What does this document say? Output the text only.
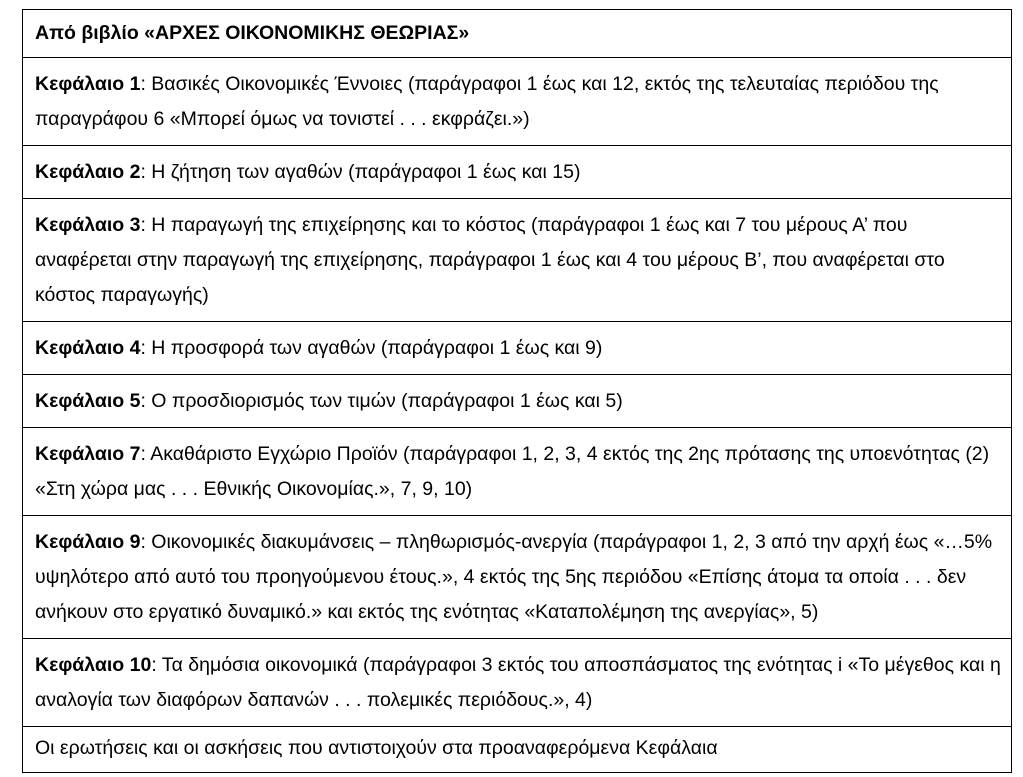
Από βιβλίο «ΑΡΧΕΣ ΟΙΚΟΝΟΜΙΚΗΣ ΘΕΩΡΙΑΣ»
Κεφάλαιο 1: Βασικές Οικονομικές Έννοιες (παράγραφοι 1 έως και 12, εκτός της τελευταίας περιόδου της παραγράφου 6 «Μπορεί όμως να τονιστεί . . . εκφράζει.»)
Κεφάλαιο 2: Η ζήτηση των αγαθών (παράγραφοι 1 έως και 15)
Κεφάλαιο 3: Η παραγωγή της επιχείρησης και το κόστος (παράγραφοι 1 έως και 7 του μέρους Α’ που αναφέρεται στην παραγωγή της επιχείρησης, παράγραφοι 1 έως και 4 του μέρους Β’, που αναφέρεται στο κόστος παραγωγής)
Κεφάλαιο 4: Η προσφορά των αγαθών (παράγραφοι 1 έως και 9)
Κεφάλαιο 5: Ο προσδιορισμός των τιμών (παράγραφοι 1 έως και 5)
Κεφάλαιο 7: Ακαθάριστο Εγχώριο Προϊόν (παράγραφοι 1, 2, 3, 4 εκτός της 2ης πρότασης της υποενότητας (2) «Στη χώρα μας . . . Εθνικής Οικονομίας.», 7, 9, 10)
Κεφάλαιο 9: Οικονομικές διακυμάνσεις – πληθωρισμός-ανεργία (παράγραφοι 1, 2, 3 από την αρχή έως «…5% υψηλότερο από αυτό του προηγούμενου έτους.», 4 εκτός της 5ης περιόδου «Επίσης άτομα τα οποία . . . δεν ανήκουν στο εργατικό δυναμικό.» και εκτός της ενότητας «Καταπολέμηση της ανεργίας», 5)
Κεφάλαιο 10: Τα δημόσια οικονομικά (παράγραφοι 3 εκτός του αποσπάσματος της ενότητας i «Το μέγεθος και η αναλογία των διαφόρων δαπανών . . . πολεμικές περιόδους.», 4)
Οι ερωτήσεις και οι ασκήσεις που αντιστοιχούν στα προαναφερόμενα Κεφάλαια
